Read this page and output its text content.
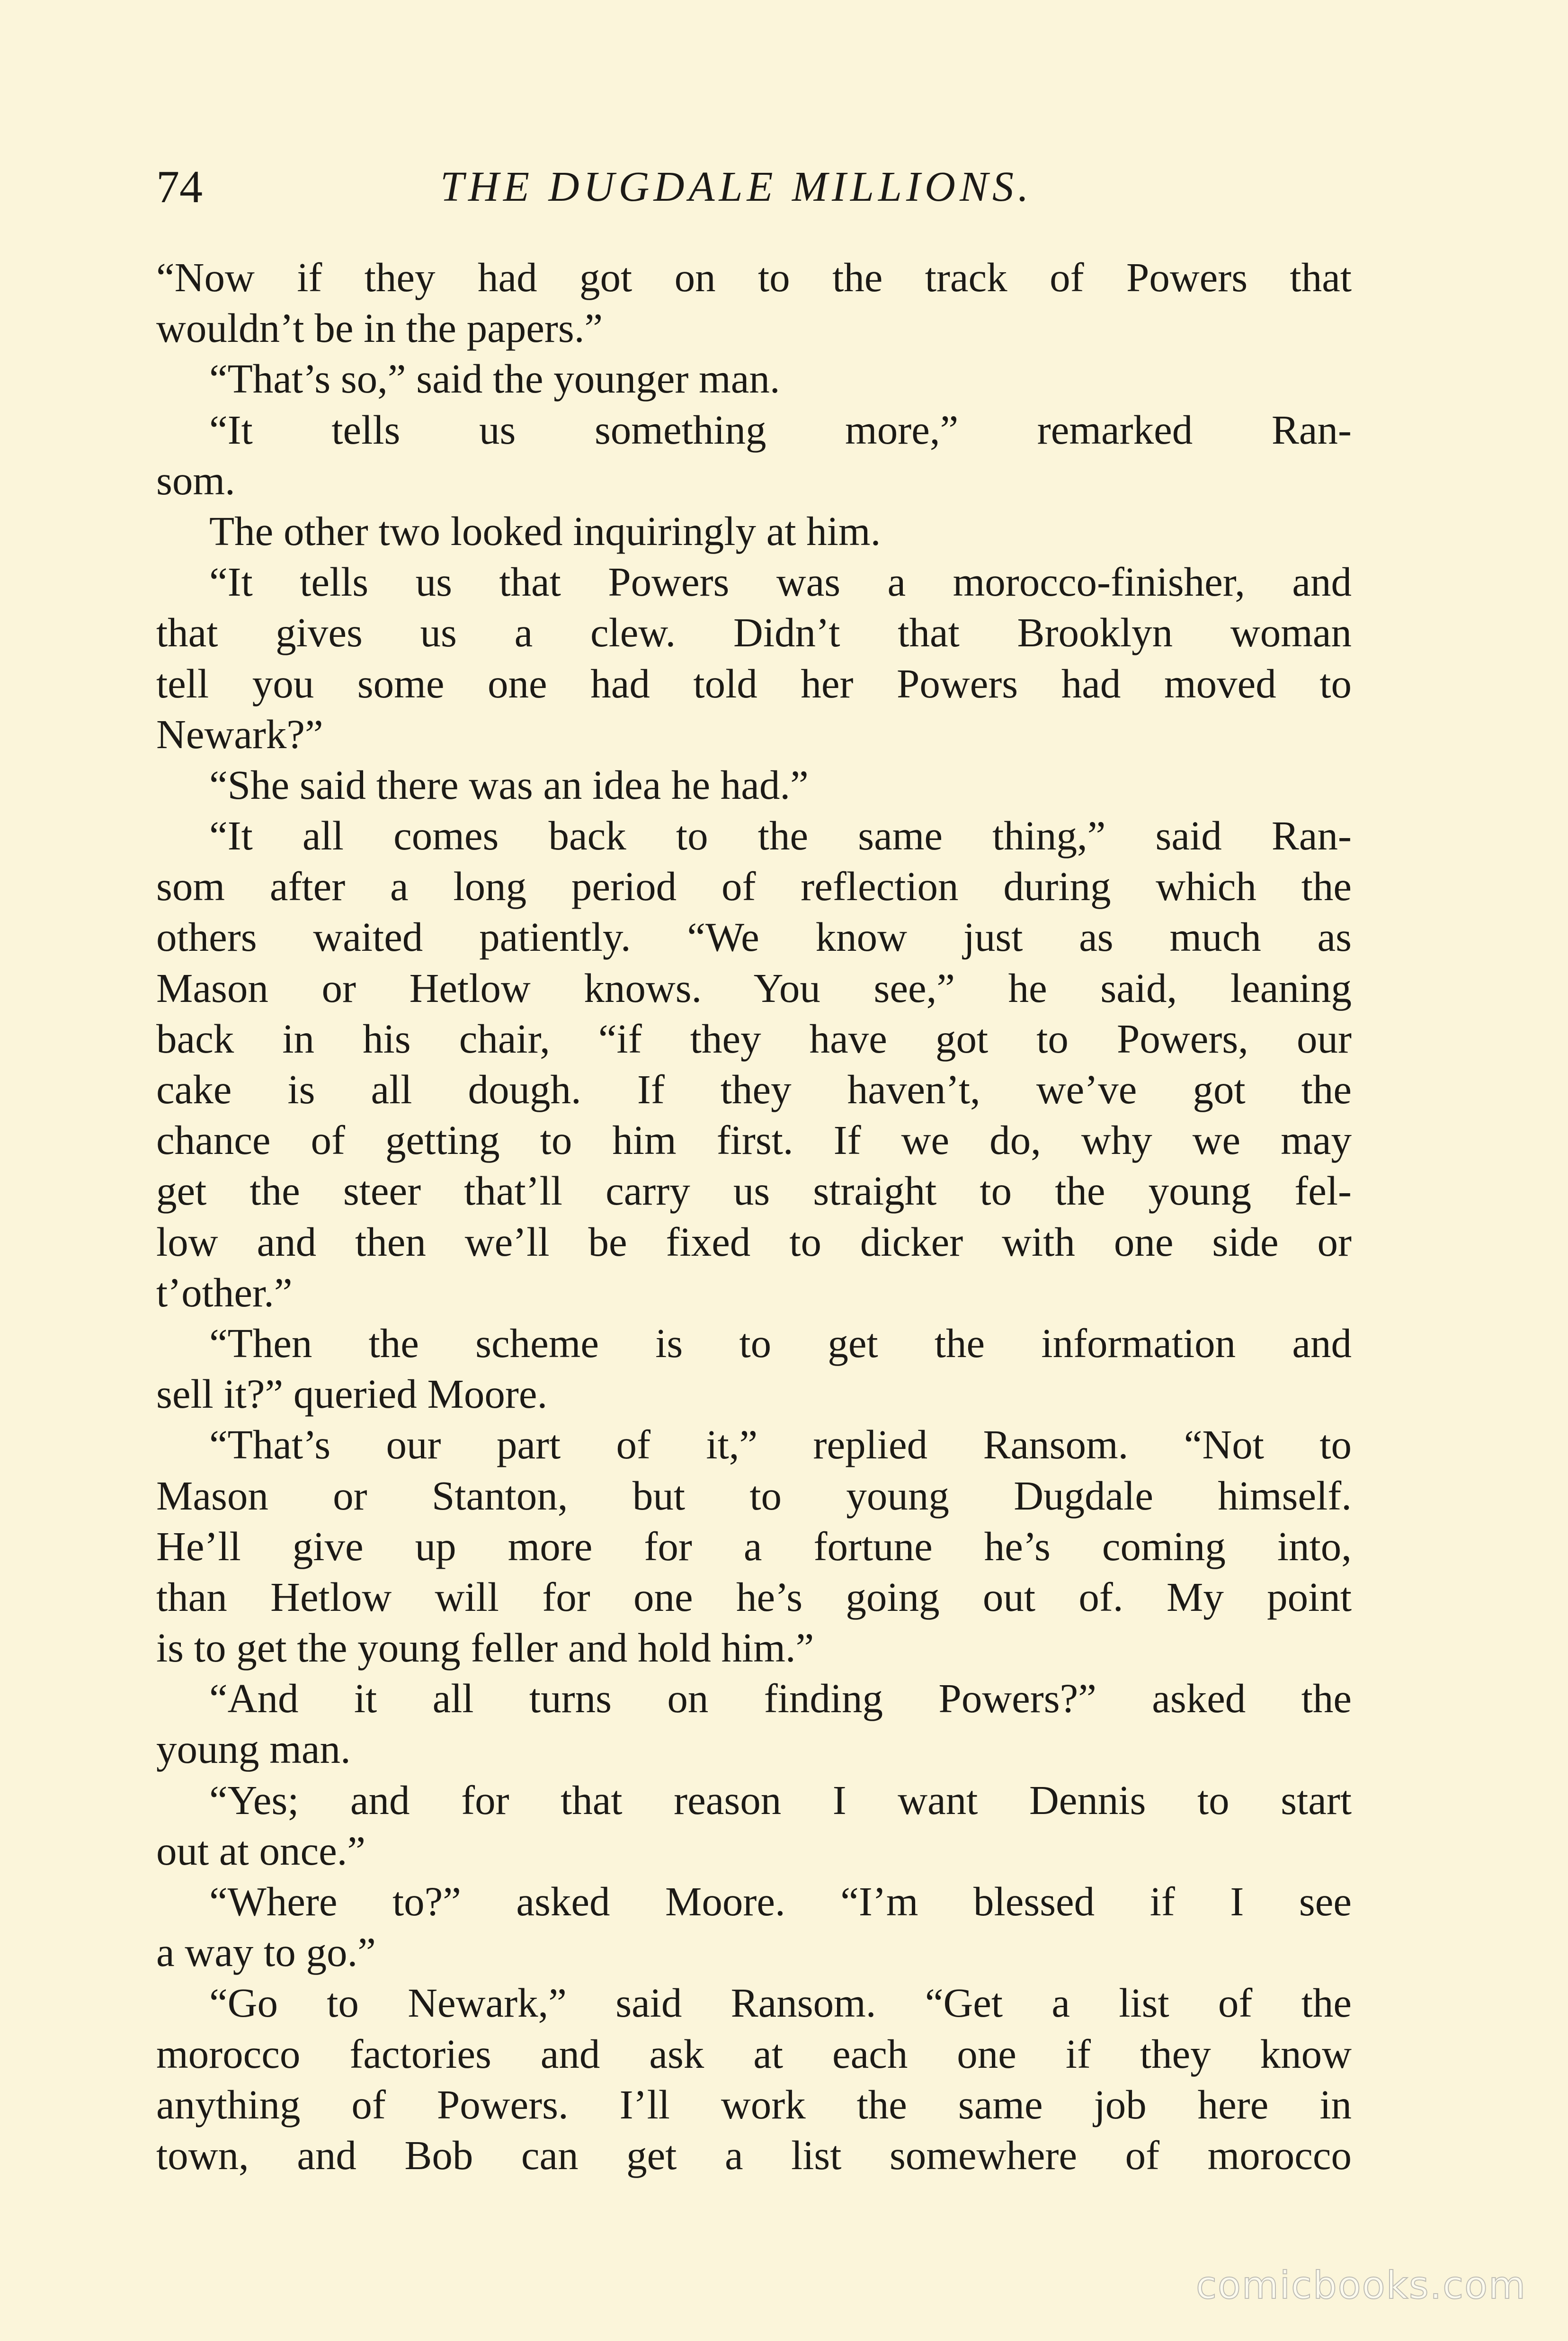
74	THE DUGDALE MILLIONS.
“Now if they had got on to the track of Powers that
wouldn’t be in the papers.”
“That’s so,” said the younger man.
“It tells us something more,” remarked Ran-
som.
The other two looked inquiringly at him.
“It tells us that Powers was a morocco-finisher, and
that gives us a clew. Didn’t that Brooklyn woman
tell you some one had told her Powers had moved to
Newark?”
“She said there was an idea he had.”
“It all comes back to the same thing,” said Ran-
som after a long period of reflection during which the
others waited patiently. “We know just as much as
Mason or Hetlow knows. You see,” he said, leaning
back in his chair, “if they have got to Powers, our
cake is all dough. If they haven’t, we’ve got the
chance of getting to him first. If we do, why we may
get the steer that’ll carry us straight to the young fel-
low and then we’ll be fixed to dicker with one side or
t’other.”
“Then the scheme is to get the information and
sell it?” queried Moore.
“That’s our part of it,” replied Ransom. “Not to
Mason or Stanton, but to young Dugdale himself.
He’ll give up more for a fortune he’s coming into,
than Hetlow will for one he’s going out of. My point
is to get the young feller and hold him.”
“And it all turns on finding Powers?” asked the
young man.
“Yes; and for that reason I want Dennis to start
out at once.”
“Where to?” asked Moore. “I’m blessed if I see
a way to go.”
“Go to Newark,” said Ransom. “Get a list of the
morocco factories and ask at each one if they know
anything of Powers. I’ll work the same job here in
town, and Bob can get a list somewhere of morocco
comicbooks.com
